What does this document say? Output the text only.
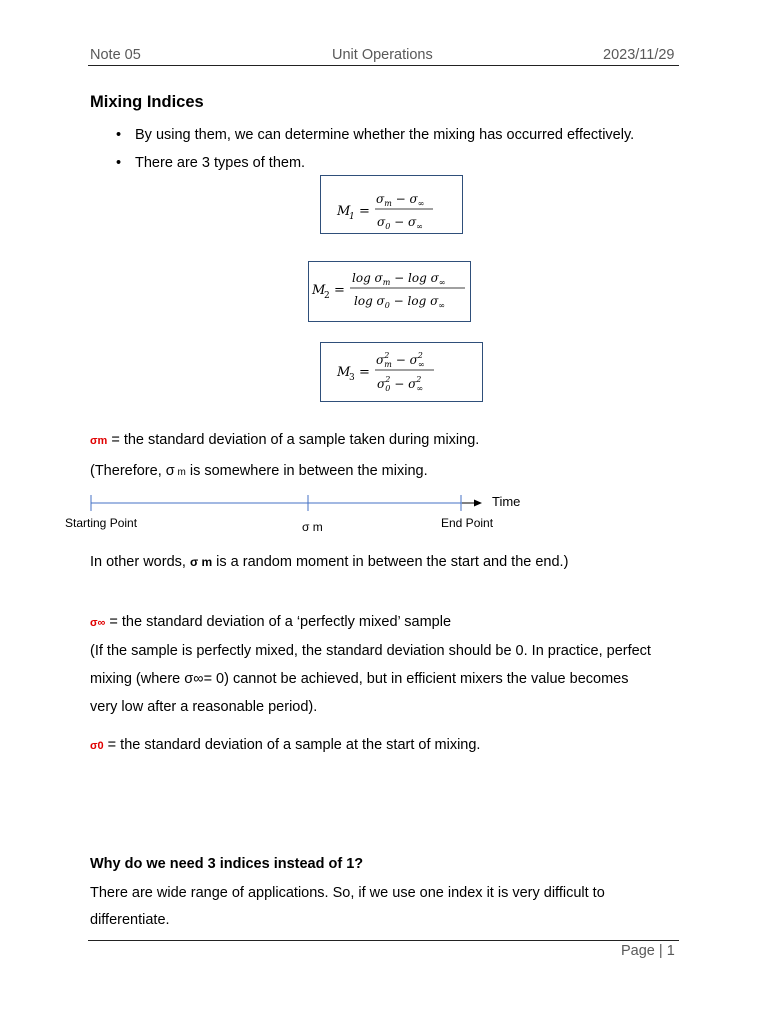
Note 05	Unit Operations	2023/11/29
Mixing Indices
• By using them, we can determine whether the mixing has occurred effectively.
• There are 3 types of them.
M
1 =
$\sigma_m - \sigma_\infty$
$\sigma_0 - \sigma_\infty$
M
2 =
$\log \sigma_m - \log \sigma_\infty$
$\log \sigma_0 - \log \sigma_\infty$
M
3 =
$\sigma^2$ $m - \sigma^2$ ∞
$\sigma^2$ $0 - \sigma^2$ ∞
σm = the standard deviation of a sample taken during mixing.
(Therefore, σ m is somewhere in between the mixing.
Time
Starting Point	σ m	End Point
In other words, σ m is a random moment in between the start and the end.)
σ∞ = the standard deviation of a ‘perfectly mixed’ sample
(If the sample is perfectly mixed, the standard deviation should be 0. In practice, perfect
mixing (where σ∞= 0) cannot be achieved, but in efficient mixers the value becomes
very low after a reasonable period).
σ0 = the standard deviation of a sample at the start of mixing.
Why do we need 3 indices instead of 1?
There are wide range of applications. So, if we use one index it is very difficult to
differentiate.
Page | 1
